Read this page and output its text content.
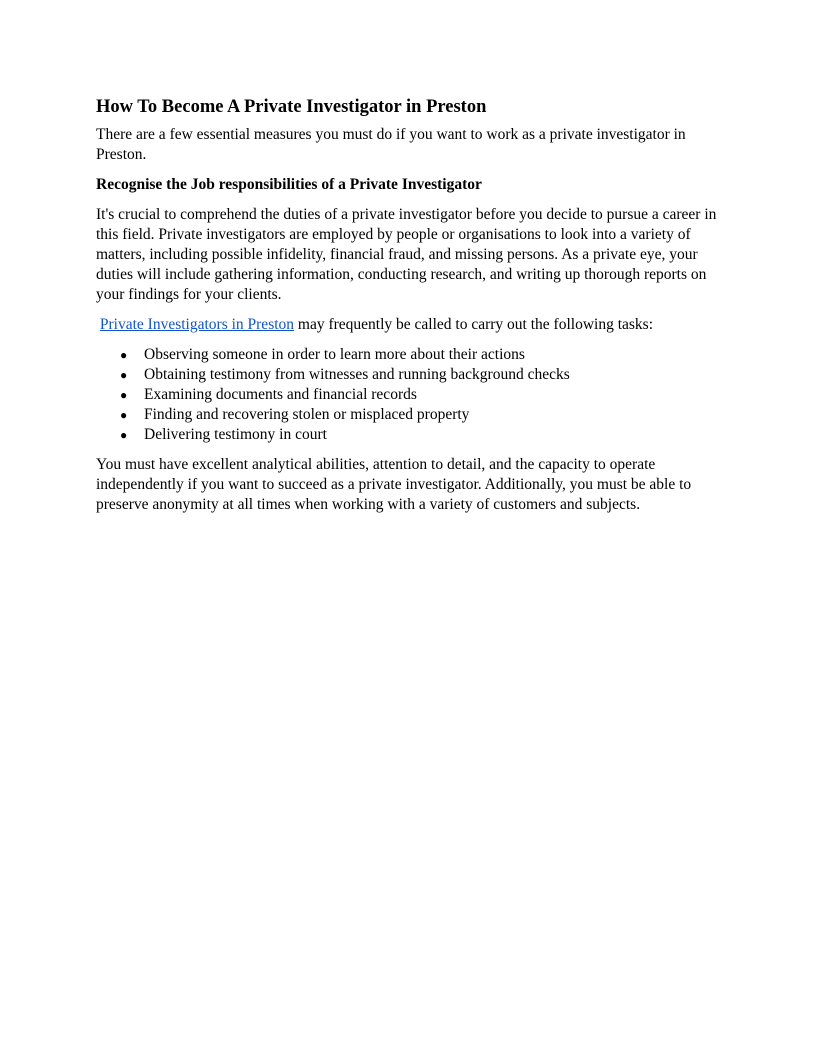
How To Become A Private Investigator in Preston

There are a few essential measures you must do if you want to work as a private investigator in Preston.

Recognise the Job responsibilities of a Private Investigator

It's crucial to comprehend the duties of a private investigator before you decide to pursue a career in this field. Private investigators are employed by people or organisations to look into a variety of matters, including possible infidelity, financial fraud, and missing persons. As a private eye, your duties will include gathering information, conducting research, and writing up thorough reports on your findings for your clients.

Private Investigators in Preston may frequently be called to carry out the following tasks:

● Observing someone in order to learn more about their actions
● Obtaining testimony from witnesses and running background checks
● Examining documents and financial records
● Finding and recovering stolen or misplaced property
● Delivering testimony in court

You must have excellent analytical abilities, attention to detail, and the capacity to operate independently if you want to succeed as a private investigator. Additionally, you must be able to preserve anonymity at all times when working with a variety of customers and subjects.
